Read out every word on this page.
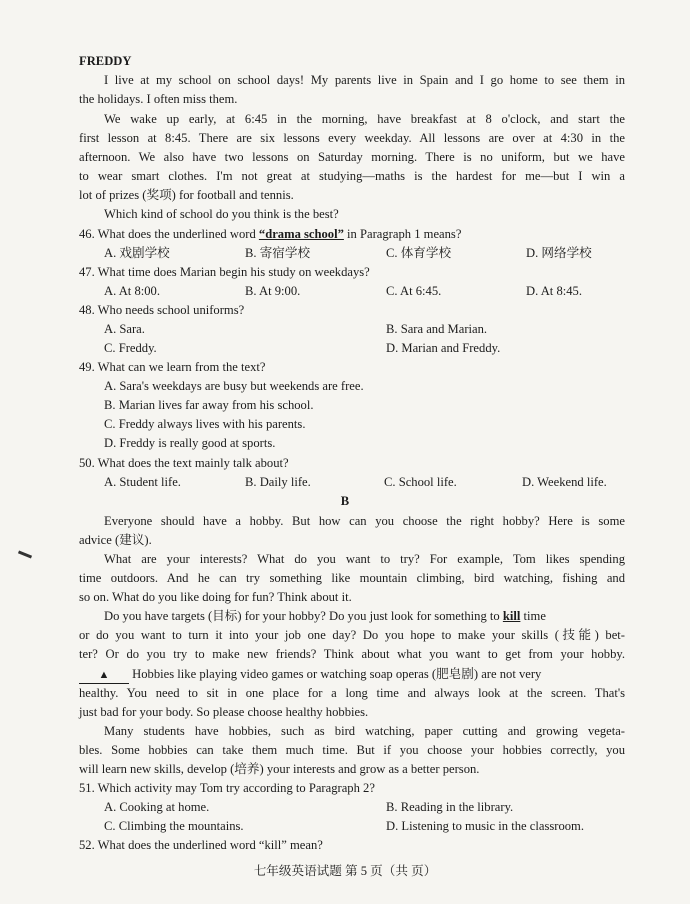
FREDDY
I live at my school on school days! My parents live in Spain and I go home to see them in
the holidays. I often miss them.
We wake up early, at 6:45 in the morning, have breakfast at 8 o'clock, and start the
first lesson at 8:45. There are six lessons every weekday. All lessons are over at 4:30 in the
afternoon. We also have two lessons on Saturday morning. There is no uniform, but we have
to wear smart clothes. I'm not great at studying—maths is the hardest for me—but I win a
lot of prizes (奖项) for football and tennis.
Which kind of school do you think is the best?
46. What does the underlined word “drama school” in Paragraph 1 means?
A. 戏剧学校	B. 寄宿学校	C. 体育学校	D. 网络学校
47. What time does Marian begin his study on weekdays?
A. At 8:00.	B. At 9:00.	C. At 6:45.	D. At 8:45.
48. Who needs school uniforms?
A. Sara.	B. Sara and Marian.
C. Freddy.	D. Marian and Freddy.
49. What can we learn from the text?
A. Sara's weekdays are busy but weekends are free.
B. Marian lives far away from his school.
C. Freddy always lives with his parents.
D. Freddy is really good at sports.
50. What does the text mainly talk about?
A. Student life.	B. Daily life.	C. School life.	D. Weekend life.
B
Everyone should have a hobby. But how can you choose the right hobby? Here is some
advice (建议).
What are your interests? What do you want to try? For example, Tom likes spending
time outdoors. And he can try something like mountain climbing, bird watching, fishing and
so on. What do you like doing for fun? Think about it.
Do you have targets (目标) for your hobby? Do you just look for something to kill time
or do you want to turn it into your job one day? Do you hope to make your skills (技能) bet-
ter? Or do you try to make new friends? Think about what you want to get from your hobby.
▲ Hobbies like playing video games or watching soap operas (肥皂剧) are not very
healthy. You need to sit in one place for a long time and always look at the screen. That's
just bad for your body. So please choose healthy hobbies.
Many students have hobbies, such as bird watching, paper cutting and growing vegeta-
bles. Some hobbies can take them much time. But if you choose your hobbies correctly, you
will learn new skills, develop (培养) your interests and grow as a better person.
51. Which activity may Tom try according to Paragraph 2?
A. Cooking at home.	B. Reading in the library.
C. Climbing the mountains.	D. Listening to music in the classroom.
52. What does the underlined word “kill” mean?
七年级英语试题 第 5 页（共 页）
